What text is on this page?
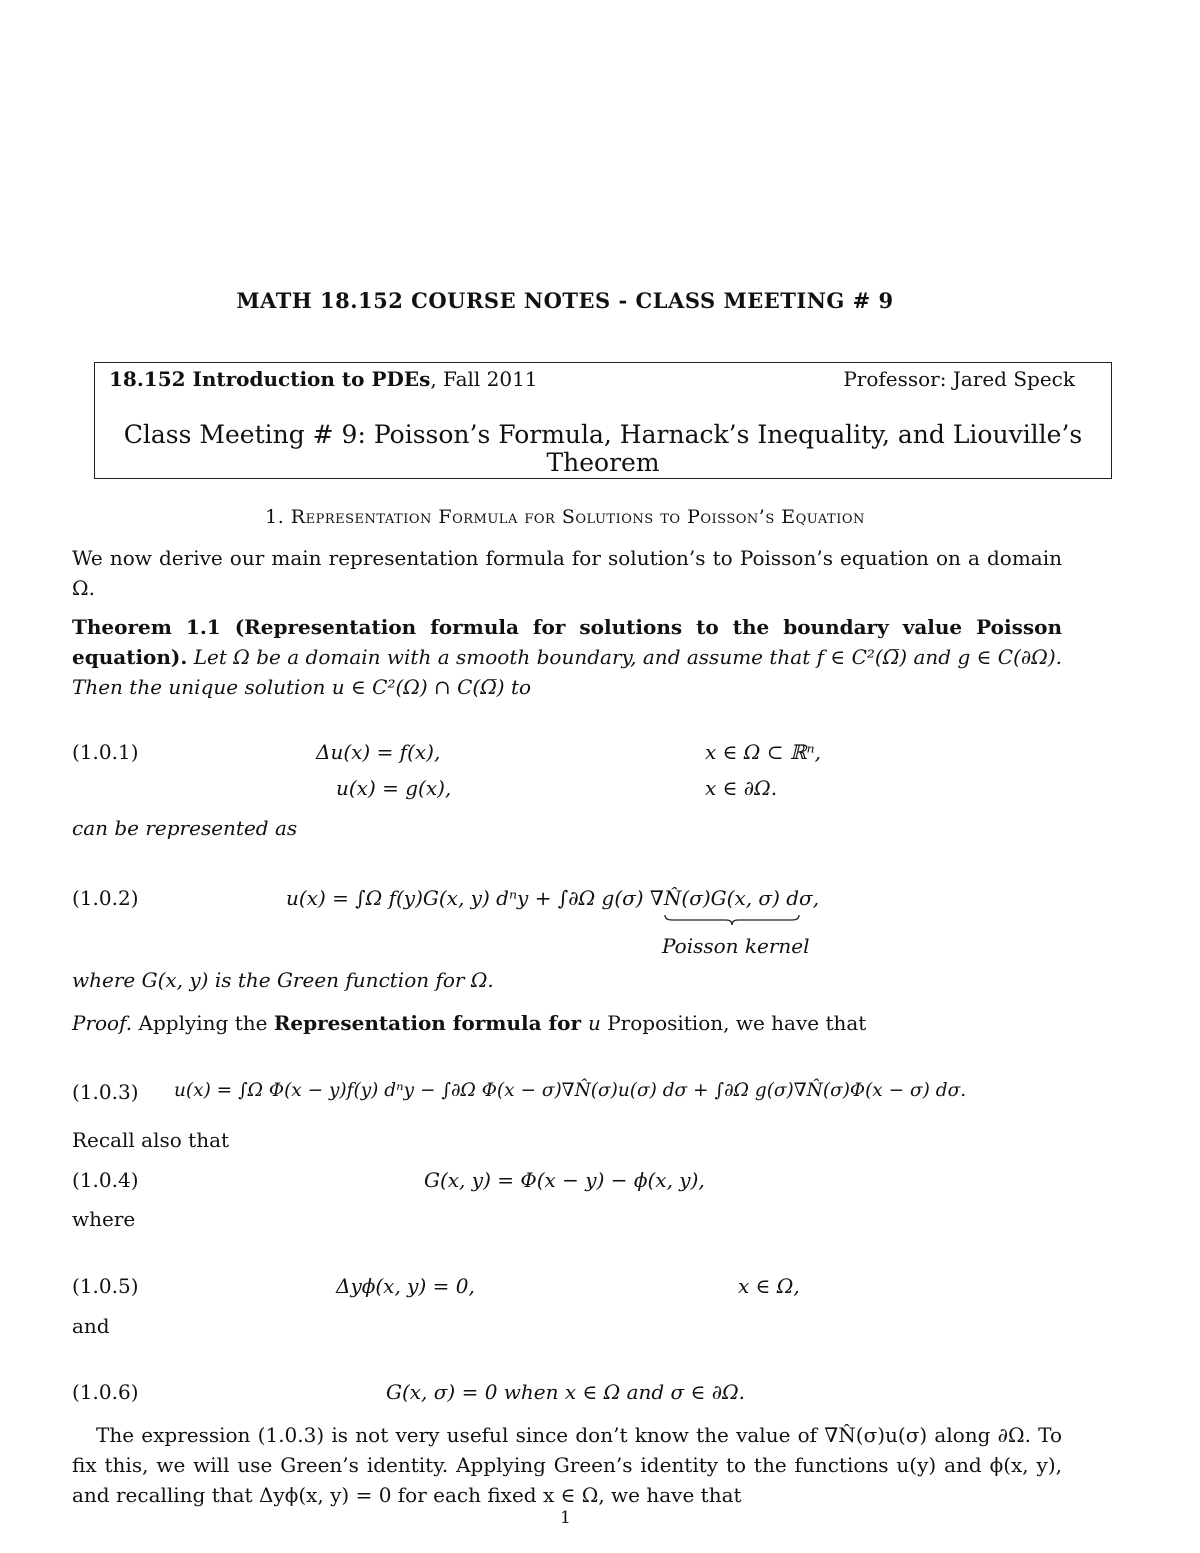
MATH 18.152 COURSE NOTES - CLASS MEETING # 9
18.152 Introduction to PDEs, Fall 2011	Professor: Jared Speck
Class Meeting # 9: Poisson’s Formula, Harnack’s Inequality, and Liouville’s Theorem
1. Representation Formula for Solutions to Poisson’s Equation
We now derive our main representation formula for solution’s to Poisson’s equation on a domain Ω.
Theorem 1.1 (Representation formula for solutions to the boundary value Poisson equation). Let Ω be a domain with a smooth boundary, and assume that f ∈ C²(Ω̅) and g ∈ C(∂Ω). Then the unique solution u ∈ C²(Ω) ∩ C(Ω̅) to
(1.0.1)	Δu(x) = f(x),	x ∈ Ω ⊂ ℝⁿ,
u(x) = g(x),	x ∈ ∂Ω.
can be represented as
(1.0.2)	u(x) = ∫Ω f(y)G(x, y) dⁿy + ∫∂Ω g(σ) ∇N̂(σ)G(x, σ) dσ,
Poisson kernel
where G(x, y) is the Green function for Ω.
Proof. Applying the Representation formula for u Proposition, we have that
(1.0.3) u(x) = ∫Ω Φ(x − y)f(y) dⁿy − ∫∂Ω Φ(x − σ)∇N̂(σ)u(σ) dσ + ∫∂Ω g(σ)∇N̂(σ)Φ(x − σ) dσ.
Recall also that
(1.0.4)	G(x, y) = Φ(x − y) − ϕ(x, y),
where
(1.0.5)	Δyϕ(x, y) = 0,	x ∈ Ω,
and
(1.0.6)	G(x, σ) = 0 when x ∈ Ω and σ ∈ ∂Ω.
The expression (1.0.3) is not very useful since don’t know the value of ∇N̂(σ)u(σ) along ∂Ω. To fix this, we will use Green’s identity. Applying Green’s identity to the functions u(y) and ϕ(x, y), and recalling that Δyϕ(x, y) = 0 for each fixed x ∈ Ω, we have that
1
